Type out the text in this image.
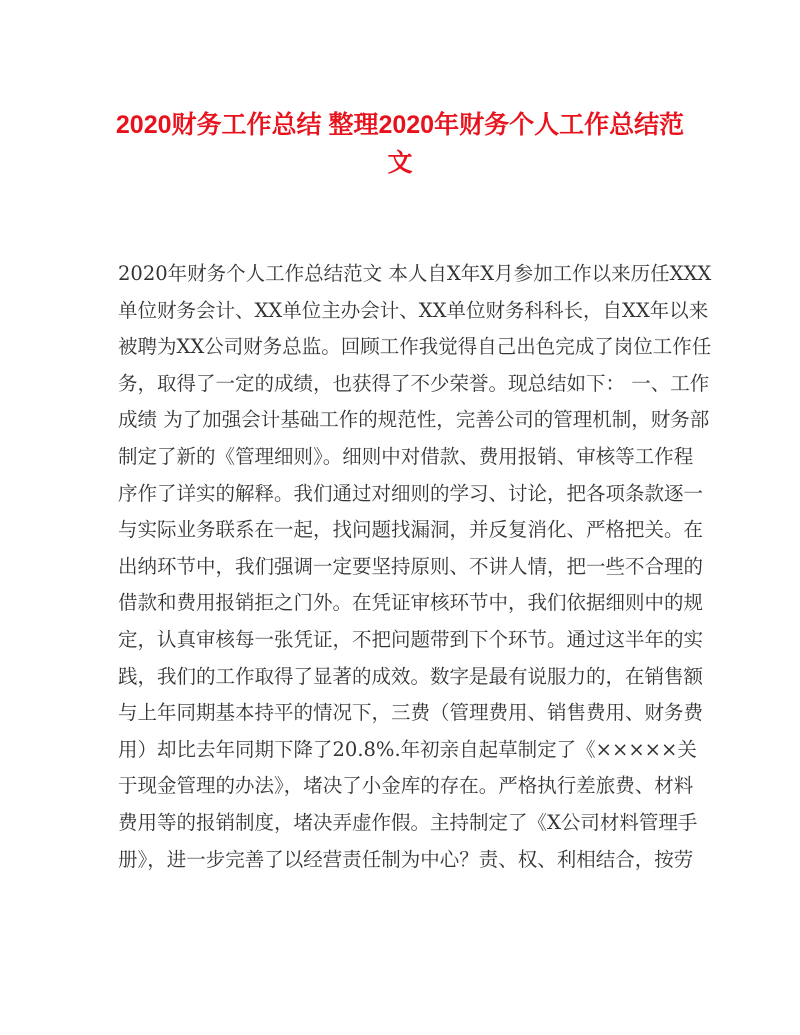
2020财务工作总结 整理2020年财务个人工作总结范
文
2020年财务个人工作总结范文 本人自X年X月参加工作以来历任XXX
单位财务会计、XX单位主办会计、XX单位财务科科长，自XX年以来
被聘为XX公司财务总监。回顾工作我觉得自己出色完成了岗位工作任
务，取得了一定的成绩，也获得了不少荣誉。现总结如下： 一、工作
成绩 为了加强会计基础工作的规范性，完善公司的管理机制，财务部
制定了新的《管理细则》。细则中对借款、费用报销、审核等工作程
序作了详实的解释。我们通过对细则的学习、讨论，把各项条款逐一
与实际业务联系在一起，找问题找漏洞，并反复消化、严格把关。在
出纳环节中，我们强调一定要坚持原则、不讲人情，把一些不合理的
借款和费用报销拒之门外。在凭证审核环节中，我们依据细则中的规
定，认真审核每一张凭证，不把问题带到下个环节。通过这半年的实
践，我们的工作取得了显著的成效。数字是最有说服力的，在销售额
与上年同期基本持平的情况下，三费（管理费用、销售费用、财务费
用）却比去年同期下降了20.8%.年初亲自起草制定了《×××××关
于现金管理的办法》，堵决了小金库的存在。严格执行差旅费、材料
费用等的报销制度，堵决弄虚作假。主持制定了《X公司材料管理手
册》，进一步完善了以经营责任制为中心？责、权、利相结合，按劳
